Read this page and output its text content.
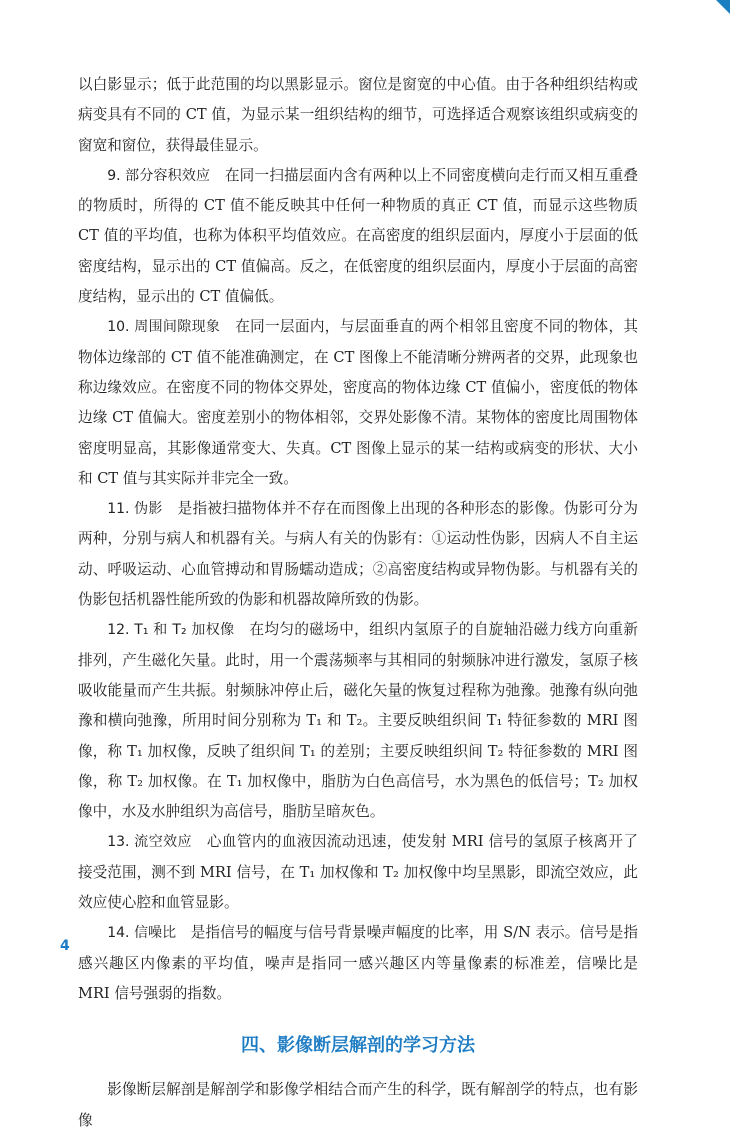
以白影显示；低于此范围的均以黑影显示。窗位是窗宽的中心值。由于各种组织结构或病变具有不同的 CT 值，为显示某一组织结构的细节，可选择适合观察该组织或病变的窗宽和窗位，获得最佳显示。

9. 部分容积效应　 在同一扫描层面内含有两种以上不同密度横向走行而又相互重叠的物质时，所得的 CT 值不能反映其中任何一种物质的真正 CT 值，而显示这些物质 CT 值的平均值，也称为体积平均值效应。在高密度的组织层面内，厚度小于层面的低密度结构，显示出的 CT 值偏高。反之，在低密度的组织层面内，厚度小于层面的高密度结构，显示出的 CT 值偏低。

10. 周围间隙现象　 在同一层面内，与层面垂直的两个相邻且密度不同的物体，其物体边缘部的 CT 值不能准确测定，在 CT 图像上不能清晰分辨两者的交界，此现象也称边缘效应。在密度不同的物体交界处，密度高的物体边缘 CT 值偏小，密度低的物体边缘 CT 值偏大。密度差别小的物体相邻，交界处影像不清。某物体的密度比周围物体密度明显高，其影像通常变大、失真。CT 图像上显示的某一结构或病变的形状、大小和 CT 值与其实际并非完全一致。

11. 伪影　 是指被扫描物体并不存在而图像上出现的各种形态的影像。伪影可分为两种，分别与病人和机器有关。与病人有关的伪影有：①运动性伪影，因病人不自主运动、呼吸运动、心血管搏动和胃肠蠕动造成；②高密度结构或异物伪影。与机器有关的伪影包括机器性能所致的伪影和机器故障所致的伪影。

12. T₁ 和 T₂ 加权像　 在均匀的磁场中，组织内氢原子的自旋轴沿磁力线方向重新排列，产生磁化矢量。此时，用一个震荡频率与其相同的射频脉冲进行激发，氢原子核吸收能量而产生共振。射频脉冲停止后，磁化矢量的恢复过程称为弛豫。弛豫有纵向弛豫和横向弛豫，所用时间分别称为 T₁ 和 T₂。主要反映组织间 T₁ 特征参数的 MRI 图像，称 T₁ 加权像，反映了组织间 T₁ 的差别；主要反映组织间 T₂ 特征参数的 MRI 图像，称 T₂ 加权像。在 T₁ 加权像中，脂肪为白色高信号，水为黑色的低信号；T₂ 加权像中，水及水肿组织为高信号，脂肪呈暗灰色。

13. 流空效应　 心血管内的血液因流动迅速，使发射 MRI 信号的氢原子核离开了接受范围，测不到 MRI 信号，在 T₁ 加权像和 T₂ 加权像中均呈黑影，即流空效应，此效应使心腔和血管显影。

14. 信噪比　 是指信号的幅度与信号背景噪声幅度的比率，用 S/N 表示。信号是指感兴趣区内像素的平均值，噪声是指同一感兴趣区内等量像素的标准差，信噪比是 MRI 信号强弱的指数。

四、影像断层解剖的学习方法

影像断层解剖是解剖学和影像学相结合而产生的科学，既有解剖学的特点，也有影像

4
